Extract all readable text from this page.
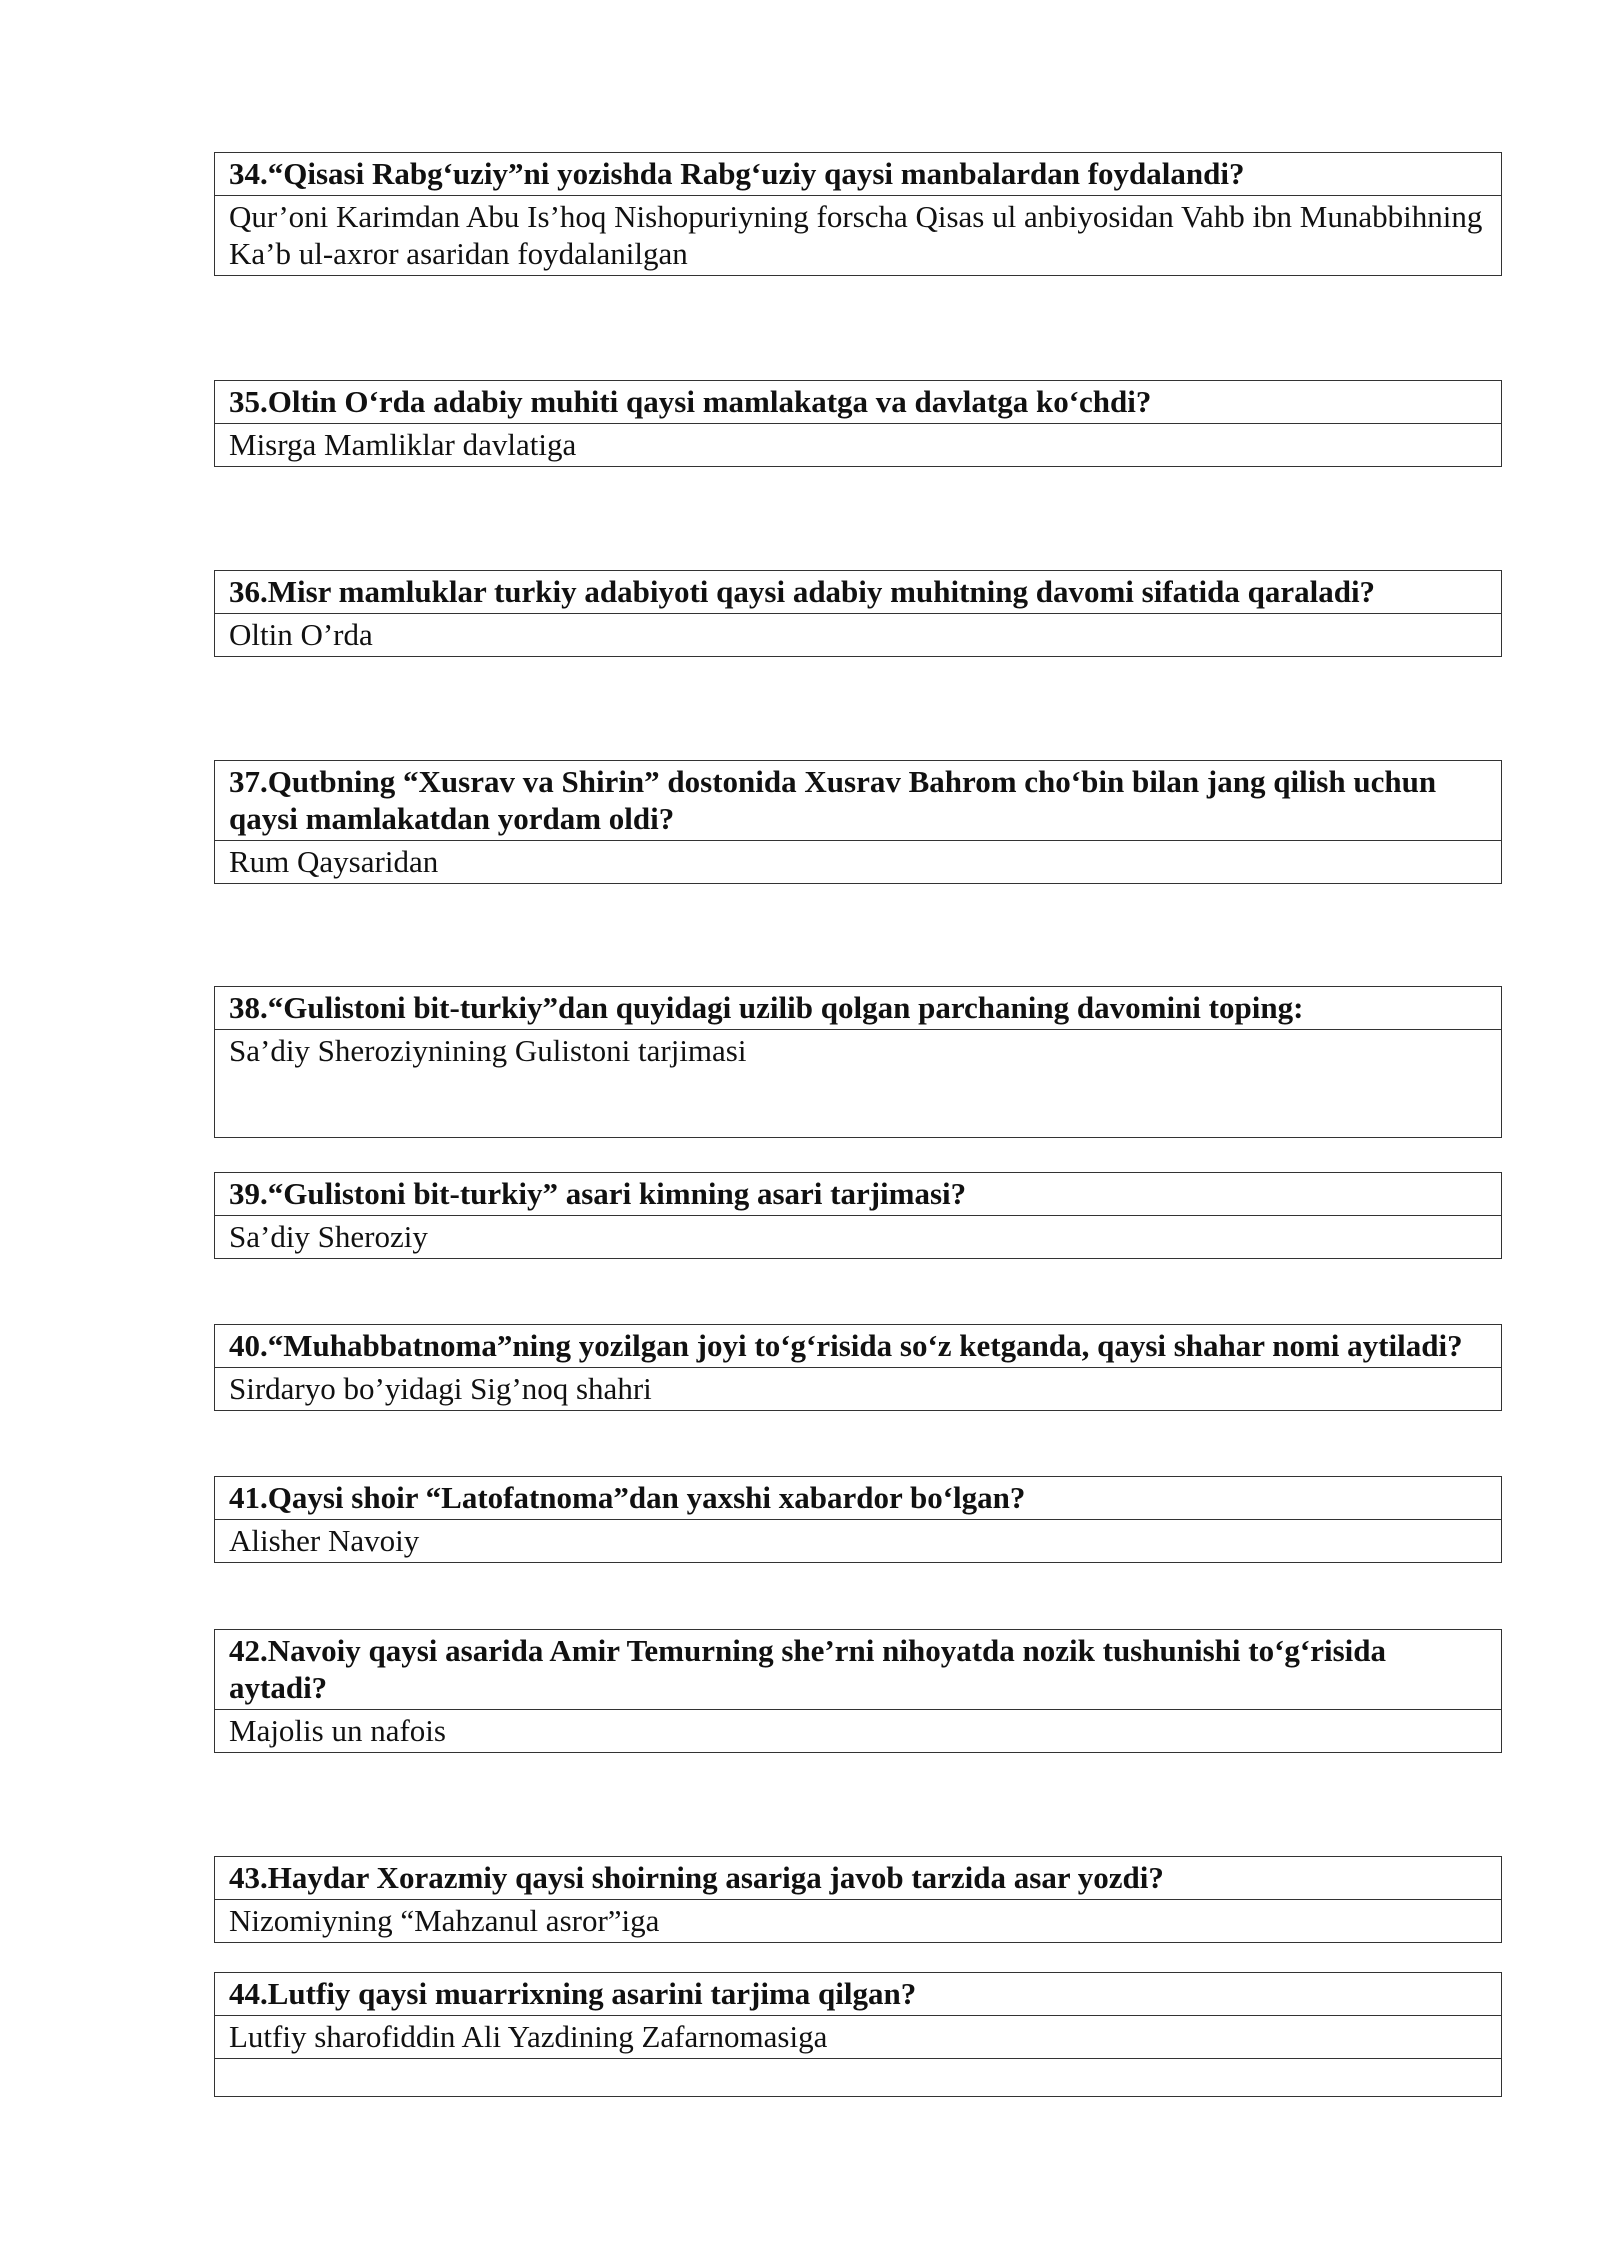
34.“Qisasi Rabg‘uziy”ni yozishda Rabg‘uziy qaysi manbalardan foydalandi?
Qur’oni Karimdan Abu Is’hoq Nishopuriyning forscha Qisas ul anbiyosidan Vahb ibn Munabbihning Ka’b ul-axror asaridan foydalanilgan
35.Oltin O‘rda adabiy muhiti qaysi mamlakatga va davlatga ko‘chdi?
Misrga Mamliklar davlatiga
36.Misr mamluklar turkiy adabiyoti qaysi adabiy muhitning davomi sifatida qaraladi?
Oltin O’rda
37.Qutbning “Xusrav va Shirin” dostonida Xusrav Bahrom cho‘bin bilan jang qilish uchun qaysi mamlakatdan yordam oldi?
Rum Qaysaridan
38.“Gulistoni bit-turkiy”dan quyidagi uzilib qolgan parchaning davomini toping:
Sa’diy Sheroziynining Gulistoni tarjimasi
39.“Gulistoni bit-turkiy” asari kimning asari tarjimasi?
Sa’diy Sheroziy
40.“Muhabbatnoma”ning yozilgan joyi to‘g‘risida so‘z ketganda, qaysi shahar nomi aytiladi?
Sirdaryo bo’yidagi Sig’noq shahri
41.Qaysi shoir “Latofatnoma”dan yaxshi xabardor bo‘lgan?
Alisher Navoiy
42.Navoiy qaysi asarida Amir Temurning she’rni nihoyatda nozik tushunishi to‘g‘risida aytadi?
Majolis un nafois
43.Haydar Xorazmiy qaysi shoirning asariga javob tarzida asar yozdi?
Nizomiyning “Mahzanul asror”iga
44.Lutfiy qaysi muarrixning asarini tarjima qilgan?
Lutfiy sharofiddin Ali Yazdining Zafarnomasiga
